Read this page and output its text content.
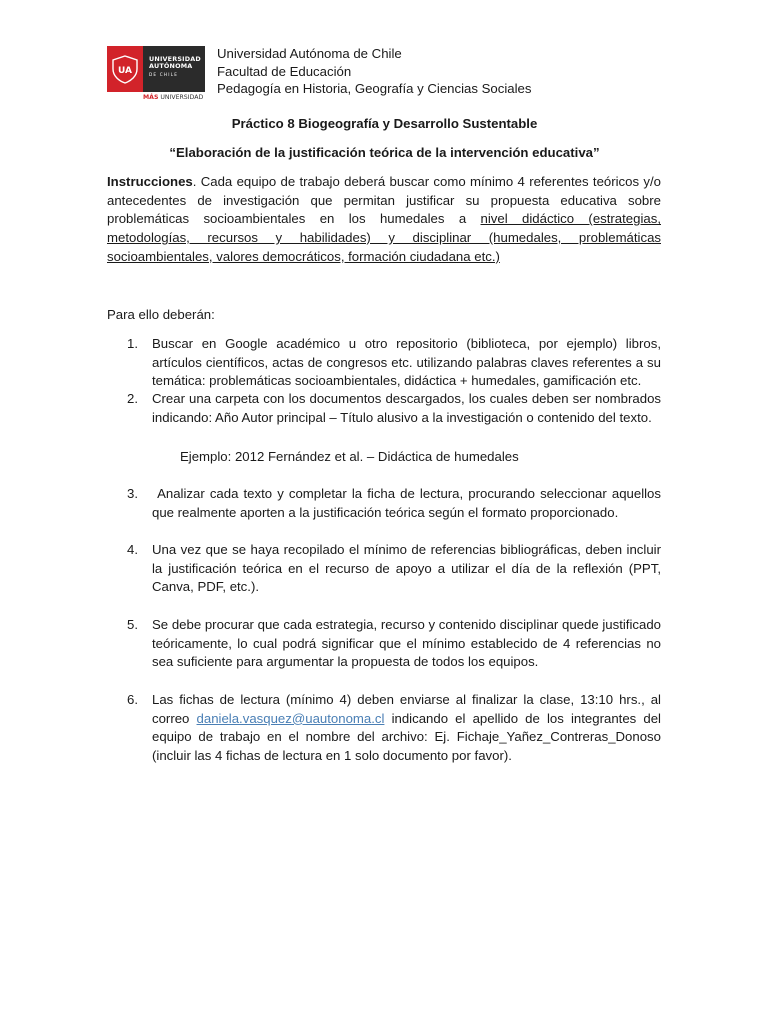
UA
UNIVERSIDAD
AUTÓNOMA
DE CHILE
MÁS UNIVERSIDAD
Universidad Autónoma de Chile
Facultad de Educación
Pedagogía en Historia, Geografía y Ciencias Sociales
Práctico 8 Biogeografía y Desarrollo Sustentable
“Elaboración de la justificación teórica de la intervención educativa”

Instrucciones. Cada equipo de trabajo deberá buscar como mínimo 4 referentes teóricos y/o antecedentes de investigación que permitan justificar su propuesta educativa sobre problemáticas socioambientales en los humedales a nivel didáctico (estrategias, metodologías, recursos y habilidades) y disciplinar (humedales, problemáticas socioambientales, valores democráticos, formación ciudadana etc.)

Para ello deberán:
1. Buscar en Google académico u otro repositorio (biblioteca, por ejemplo) libros, artículos científicos, actas de congresos etc. utilizando palabras claves referentes a su temática: problemáticas socioambientales, didáctica + humedales, gamificación etc.
2. Crear una carpeta con los documentos descargados, los cuales deben ser nombrados indicando: Año Autor principal – Título alusivo a la investigación o contenido del texto.
Ejemplo: 2012 Fernández et al. – Didáctica de humedales
3. Analizar cada texto y completar la ficha de lectura, procurando seleccionar aquellos que realmente aporten a la justificación teórica según el formato proporcionado.
4. Una vez que se haya recopilado el mínimo de referencias bibliográficas, deben incluir la justificación teórica en el recurso de apoyo a utilizar el día de la reflexión (PPT, Canva, PDF, etc.).
5. Se debe procurar que cada estrategia, recurso y contenido disciplinar quede justificado teóricamente, lo cual podrá significar que el mínimo establecido de 4 referencias no sea suficiente para argumentar la propuesta de todos los equipos.
6. Las fichas de lectura (mínimo 4) deben enviarse al finalizar la clase, 13:10 hrs., al correo daniela.vasquez@uautonoma.cl indicando el apellido de los integrantes del equipo de trabajo en el nombre del archivo: Ej. Fichaje_Yañez_Contreras_Donoso (incluir las 4 fichas de lectura en 1 solo documento por favor).
